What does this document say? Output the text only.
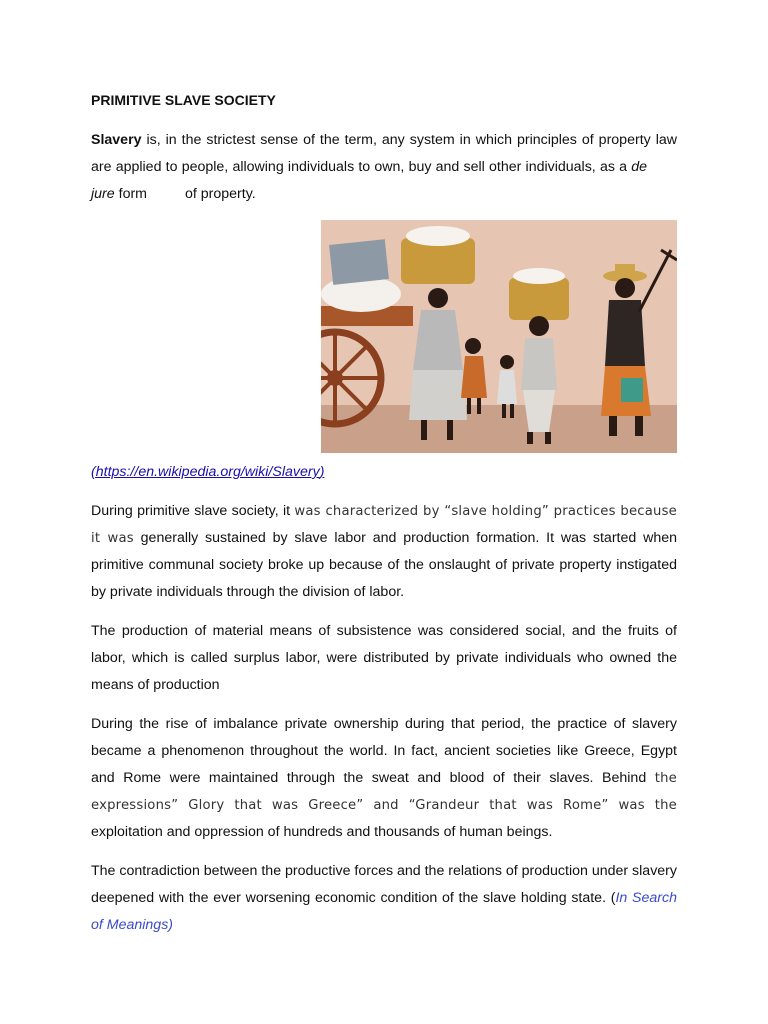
PRIMITIVE SLAVE SOCIETY

Slavery is, in the strictest sense of the term, any system in which principles of property law are applied to people, allowing individuals to own, buy and sell other individuals, as a dejure form	of property.

(https://en.wikipedia.org/wiki/Slavery)

During primitive slave society, it was characterized by “slave holding” practices because it was generally sustained by slave labor and production formation. It was started when primitive communal society broke up because of the onslaught of private property instigated by private individuals through the division of labor.

The production of material means of subsistence was considered social, and the fruits of labor, which is called surplus labor, were distributed by private individuals who owned the means of production

During the rise of imbalance private ownership during that period, the practice of slavery became a phenomenon throughout the world. In fact, ancient societies like Greece, Egypt and Rome were maintained through the sweat and blood of their slaves. Behind the expressions” Glory that was Greece” and “Grandeur that was Rome” was the exploitation and oppression of hundreds and thousands of human beings.

The contradiction between the productive forces and the relations of production under slavery deepened with the ever worsening economic condition of the slave holding state. (In Search of Meanings)
